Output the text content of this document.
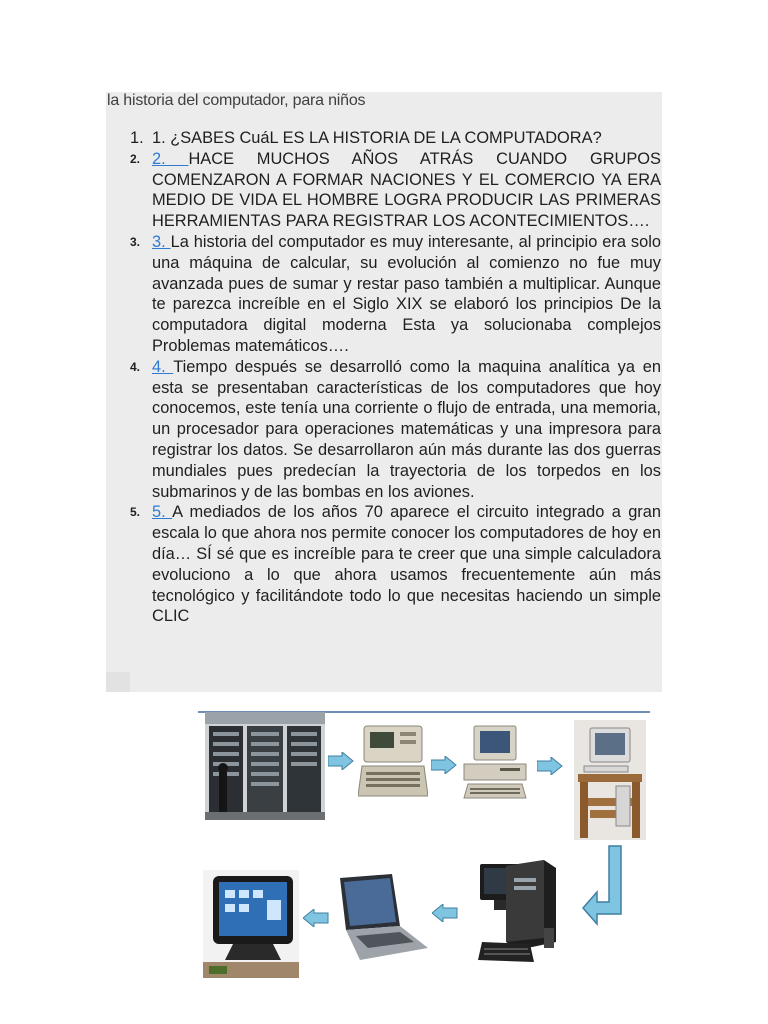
la historia del computador, para niños
1. 1. ¿SABES CuáL ES LA HISTORIA DE LA COMPUTADORA?
2. 2. HACE MUCHOS AÑOS ATRÁS CUANDO GRUPOS COMENZARON A FORMAR NACIONES Y EL COMERCIO YA ERA MEDIO DE VIDA EL HOMBRE LOGRA PRODUCIR LAS PRIMERAS HERRAMIENTAS PARA REGISTRAR LOS ACONTECIMIENTOS….
3. 3. La historia del computador es muy interesante, al principio era solo una máquina de calcular, su evolución al comienzo no fue muy avanzada pues de sumar y restar paso también a multiplicar. Aunque te parezca increíble en el Siglo XIX se elaboró los principios De la computadora digital moderna Esta ya solucionaba complejos Problemas matemáticos….
4. 4. Tiempo después se desarrolló como la maquina analítica ya en esta se presentaban características de los computadores que hoy conocemos, este tenía una corriente o flujo de entrada, una memoria, un procesador para operaciones matemáticas y una impresora para registrar los datos. Se desarrollaron aún más durante las dos guerras mundiales pues predecían la trayectoria de los torpedos en los submarinos y de las bombas en los aviones.
5. 5. A mediados de los años 70 aparece el circuito integrado a gran escala lo que ahora nos permite conocer los computadores de hoy en día… SÍ sé que es increíble para te creer que una simple calculadora evoluciono a lo que ahora usamos frecuentemente aún más tecnológico y facilitándote todo lo que necesitas haciendo un simple CLIC
